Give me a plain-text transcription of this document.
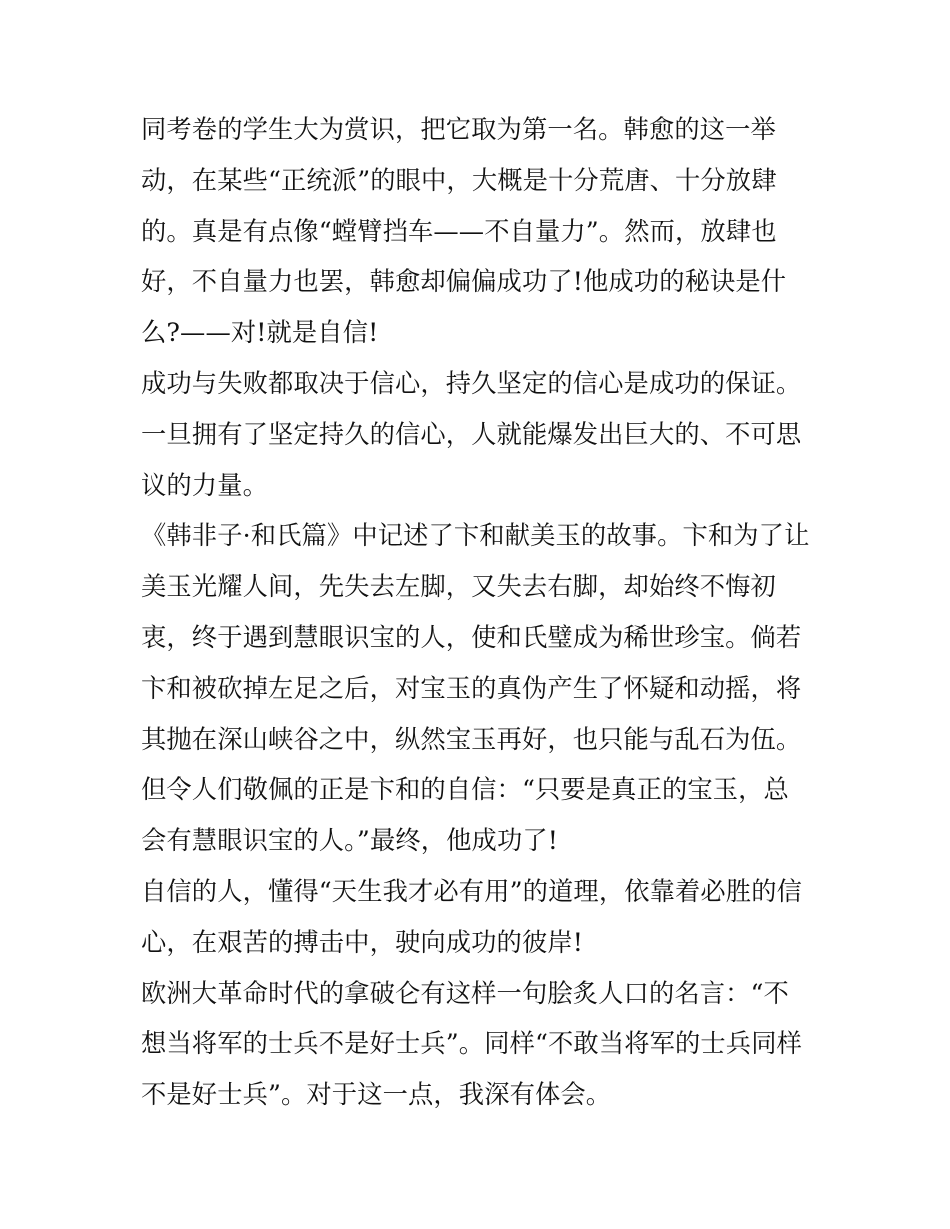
同考卷的学生大为赏识，把它取为第一名。韩愈的这一举动，在某些“正统派”的眼中，大概是十分荒唐、十分放肆的。真是有点像“螳臂挡车——不自量力”。然而，放肆也好，不自量力也罢，韩愈却偏偏成功了!他成功的秘诀是什么?——对!就是自信!

成功与失败都取决于信心，持久坚定的信心是成功的保证。一旦拥有了坚定持久的信心，人就能爆发出巨大的、不可思议的力量。

《韩非子·和氏篇》中记述了卞和献美玉的故事。卞和为了让美玉光耀人间，先失去左脚，又失去右脚，却始终不悔初衷，终于遇到慧眼识宝的人，使和氏璧成为稀世珍宝。倘若卞和被砍掉左足之后，对宝玉的真伪产生了怀疑和动摇，将其抛在深山峡谷之中，纵然宝玉再好，也只能与乱石为伍。但令人们敬佩的正是卞和的自信：“只要是真正的宝玉，总会有慧眼识宝的人。”最终，他成功了!

自信的人，懂得“天生我才必有用”的道理，依靠着必胜的信心，在艰苦的搏击中，驶向成功的彼岸!

欧洲大革命时代的拿破仑有这样一句脍炙人口的名言：“不想当将军的士兵不是好士兵”。同样“不敢当将军的士兵同样不是好士兵”。对于这一点，我深有体会。
